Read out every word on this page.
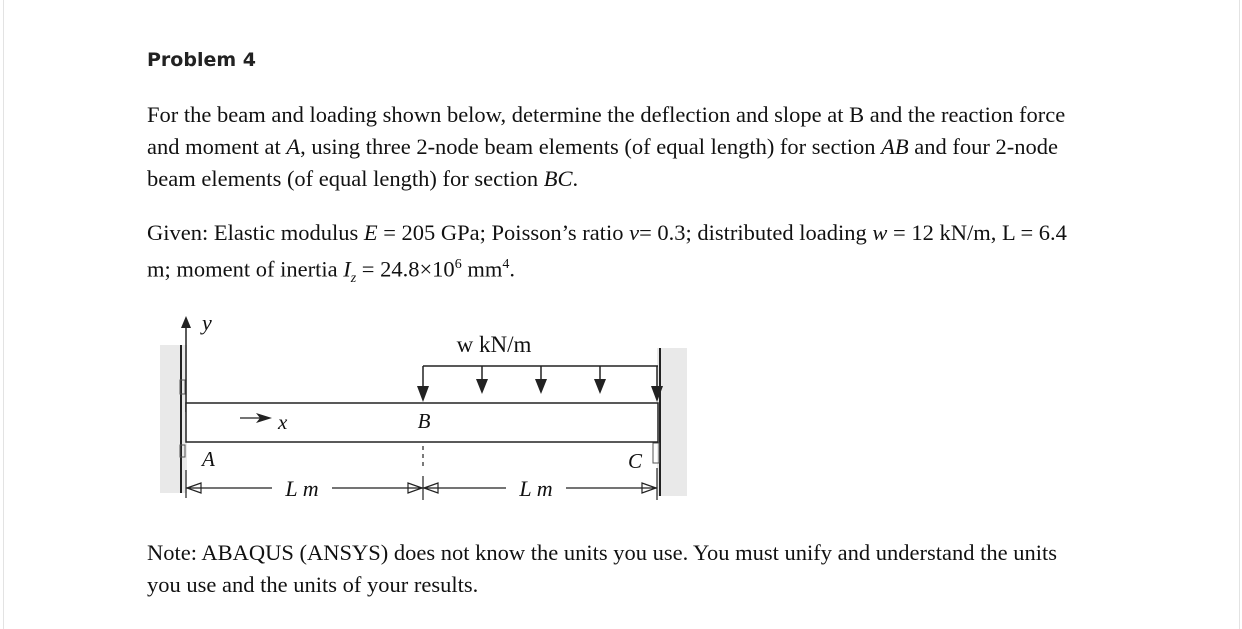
Problem 4
For the beam and loading shown below, determine the deflection and slope at B and the reaction force
and moment at A, using three 2-node beam elements (of equal length) for section AB and four 2-node
beam elements (of equal length) for section BC.
Given: Elastic modulus E = 205 GPa; Poisson’s ratio ν= 0.3; distributed loading w = 12 kN/m, L = 6.4
m; moment of inertia $I_z = 24.8\times 10^6$ $mm^4$.
y
x
w kN/m
B
A	C
L m	L m
Note: ABAQUS (ANSYS) does not know the units you use. You must unify and understand the units
you use and the units of your results.
